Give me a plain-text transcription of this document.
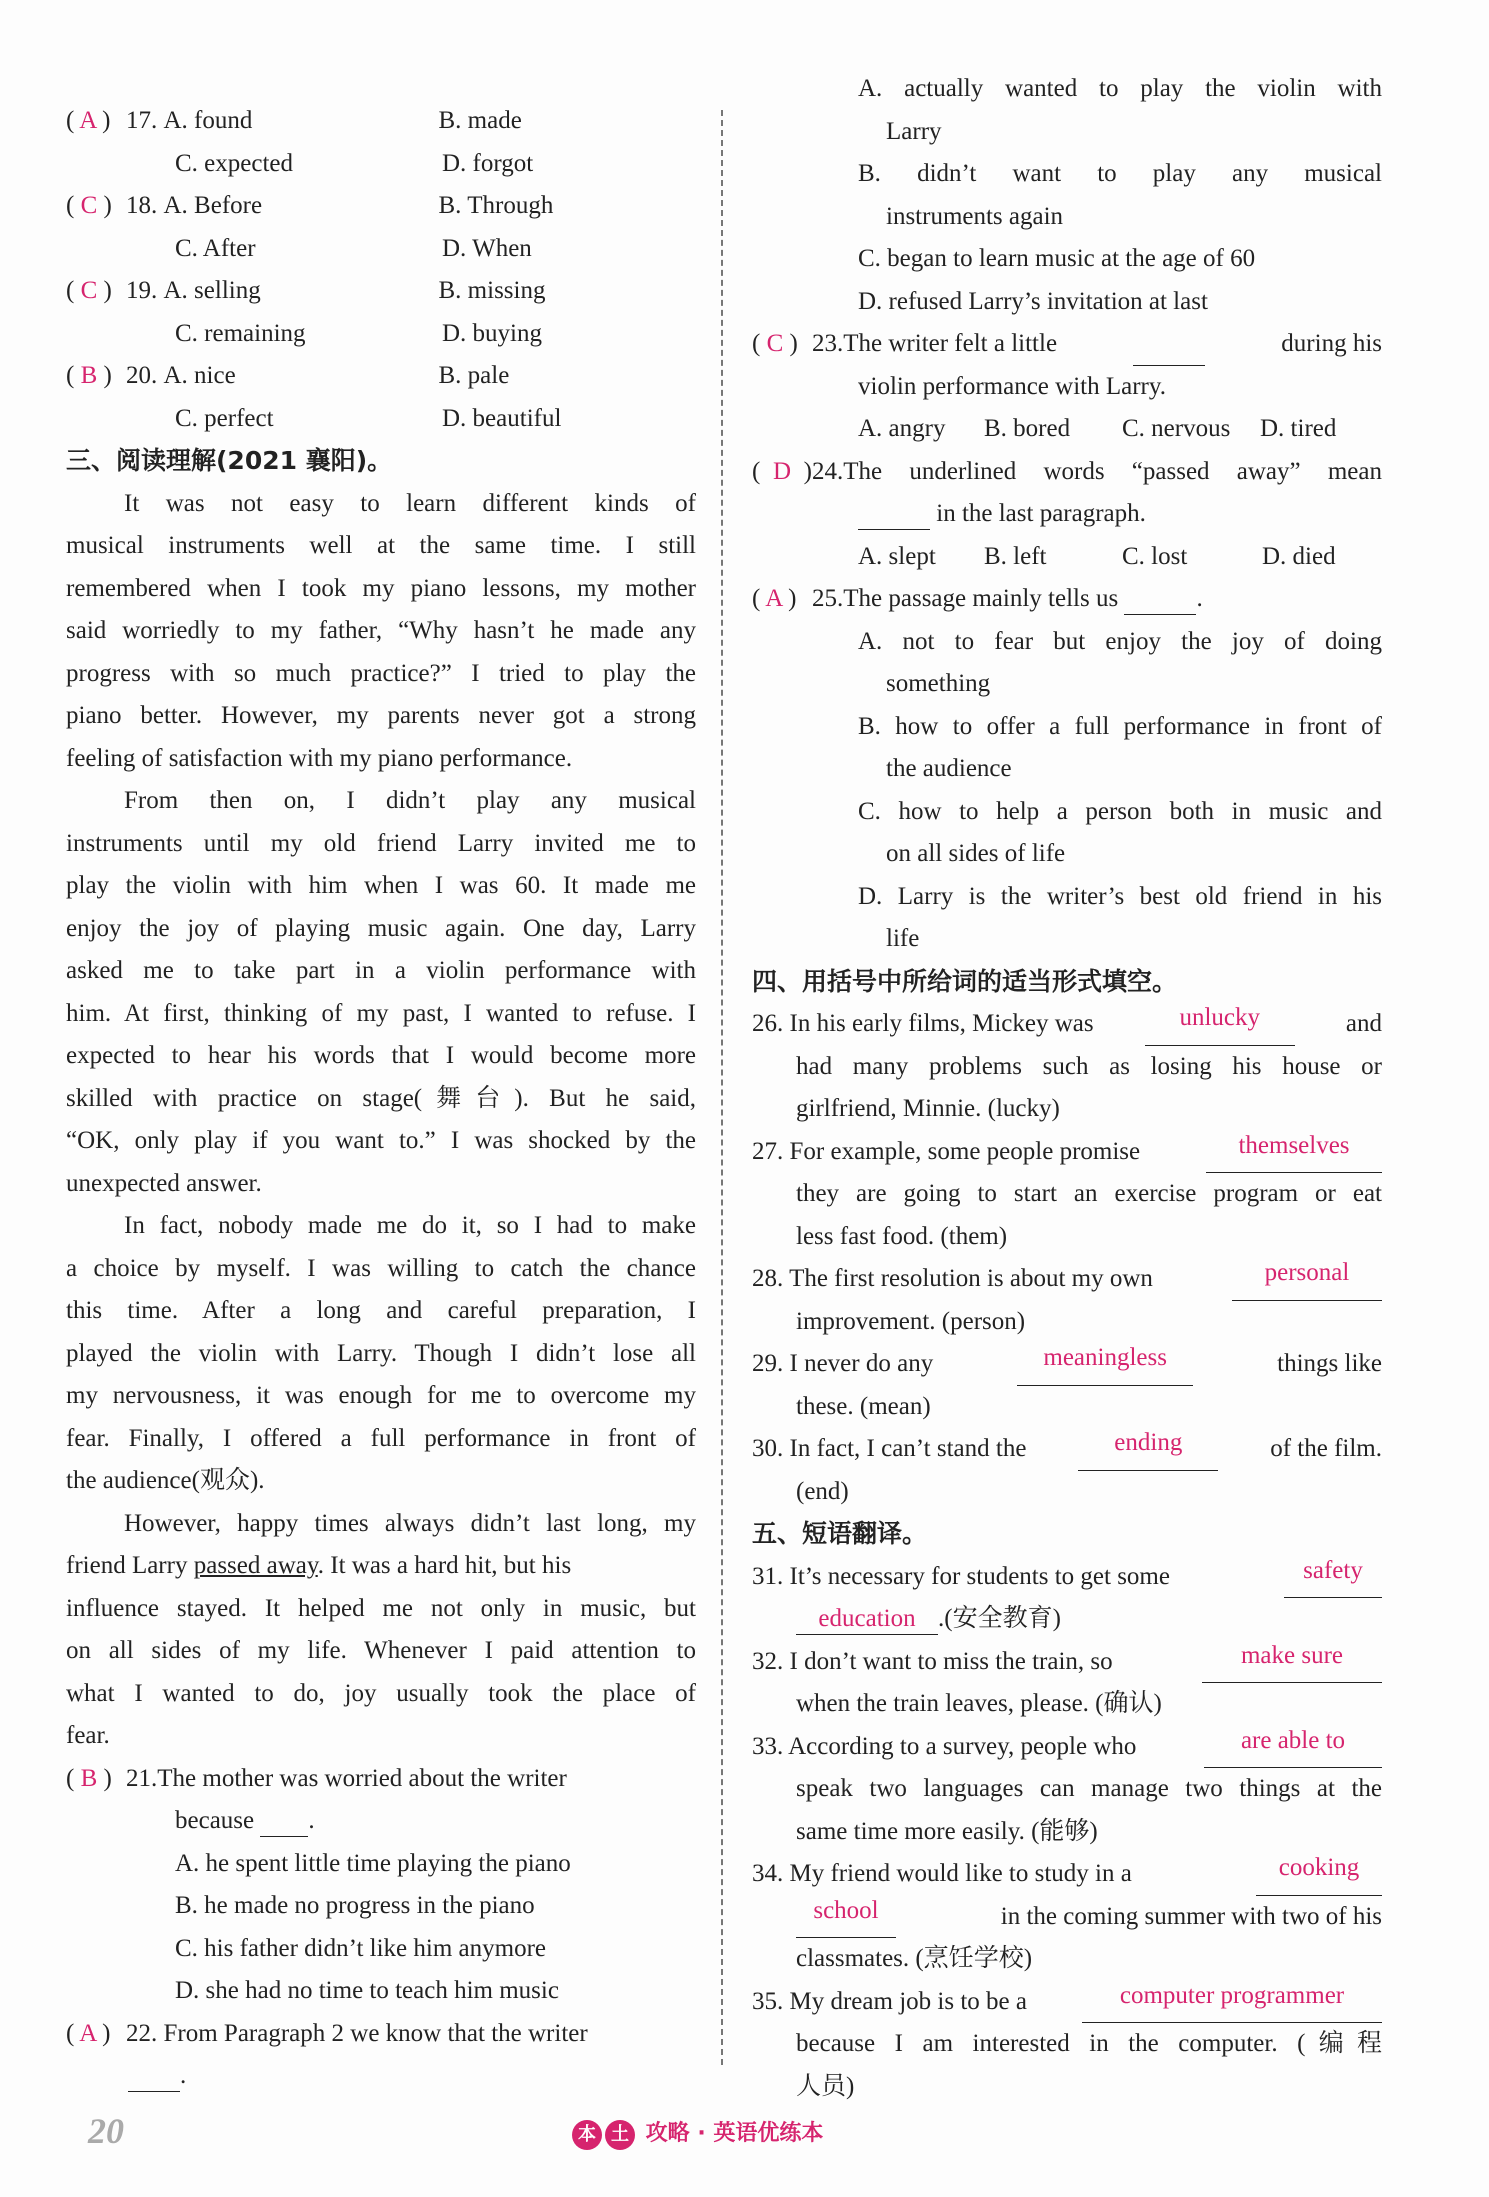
( A ) 17. A. found	B. made
C. expected	D. forgot
( C ) 18. A. Before	B. Through
C. After	D. When
( C ) 19. A. selling	B. missing
C. remaining	D. buying
( B ) 20. A. nice	B. pale
C. perfect	D. beautiful
三、阅读理解(2021 襄阳)。
It was not easy to learn different kinds of
musical instruments well at the same time. I still
remembered when I took my piano lessons, my mother
said worriedly to my father, “Why hasn’t he made any
progress with so much practice?” I tried to play the
piano better. However, my parents never got a strong
feeling of satisfaction with my piano performance.
From then on, I didn’t play any musical
instruments until my old friend Larry invited me to
play the violin with him when I was 60. It made me
enjoy the joy of playing music again. One day, Larry
asked me to take part in a violin performance with
him. At first, thinking of my past, I wanted to refuse. I
expected to hear his words that I would become more
skilled with practice on stage(舞台). But he said,
“OK, only play if you want to.” I was shocked by the
unexpected answer.
In fact, nobody made me do it, so I had to make
a choice by myself. I was willing to catch the chance
this time. After a long and careful preparation, I
played the violin with Larry. Though I didn’t lose all
my nervousness, it was enough for me to overcome my
fear. Finally, I offered a full performance in front of
the audience(观众).
However, happy times always didn’t last long, my
friend Larry passed away. It was a hard hit, but his
influence stayed. It helped me not only in music, but
on all sides of my life. Whenever I paid attention to
what I wanted to do, joy usually took the place of
fear.
( B ) 21.The mother was worried about the writer
because .
A. he spent little time playing the piano
B. he made no progress in the piano
C. his father didn’t like him anymore
D. she had no time to teach him music
( A ) 22. From Paragraph 2 we know that the writer
.
A. actually wanted to play the violin with
Larry
B. didn’t want to play any musical
instruments again
C. began to learn music at the age of 60
D. refused Larry’s invitation at last
( C ) 23. The writer felt a little	during his
violin performance with Larry.
A. angry B. bored C. nervous D. tired
( D )24.The underlined words “passed away” mean
in the last paragraph.
A. slept B. left	C. lost	D. died
( A ) 25.The passage mainly tells us	.
A. not to fear but enjoy the joy of doing
something
B. how to offer a full performance in front of
the audience
C. how to help a person both in music and
on all sides of life
D. Larry is the writer’s best old friend in his
life
四、用括号中所给词的适当形式填空。
26. In his early films, Mickey was	unlucky	and
had many problems such as losing his house or
girlfriend, Minnie. (lucky)
27. For example, some people promise	themselves
they are going to start an exercise program or eat
less fast food. (them)
28. The first resolution is about my own	personal
improvement. (person)
29. I never do any	meaningless	things like
these. (mean)
30. In fact, I can’t stand the	ending	of the film.
(end)
五、短语翻译。
31. It’s necessary for students to get some	safety
education .(安全教育)
32. I don’t want to miss the train, so	make sure
when the train leaves, please. (确认)
33. According to a survey, people who	are able to
speak two languages can manage two things at the
same time more easily. (能够)
34. My friend would like to study in a	cooking
school	in the coming summer with two of his
classmates. (烹饪学校)
35. My dream job is to be a	computer programmer
because I am interested in the computer. (编程
人员)
20	本 土 攻略 · 英语优练本
